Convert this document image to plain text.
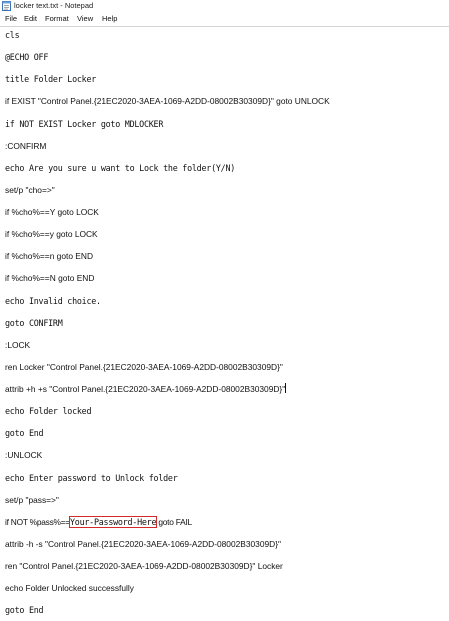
locker text.txt - Notepad
File Edit Format View Help
cls
@ECHO OFF
title Folder Locker
if EXIST "Control Panel.{21EC2020-3AEA-1069-A2DD-08002B30309D}" goto UNLOCK
if NOT EXIST Locker goto MDLOCKER
:CONFIRM
echo Are you sure u want to Lock the folder(Y/N)
set/p "cho=>"
if %cho%==Y goto LOCK
if %cho%==y goto LOCK
if %cho%==n goto END
if %cho%==N goto END
echo Invalid choice.
goto CONFIRM
:LOCK
ren Locker "Control Panel.{21EC2020-3AEA-1069-A2DD-08002B30309D}"
attrib +h +s "Control Panel.{21EC2020-3AEA-1069-A2DD-08002B30309D}"
echo Folder locked
goto End
:UNLOCK
echo Enter password to Unlock folder
set/p "pass=>"
if NOT %pass%==Your-Password-Here goto FAIL
attrib -h -s "Control Panel.{21EC2020-3AEA-1069-A2DD-08002B30309D}"
ren "Control Panel.{21EC2020-3AEA-1069-A2DD-08002B30309D}" Locker
echo Folder Unlocked successfully
goto End
